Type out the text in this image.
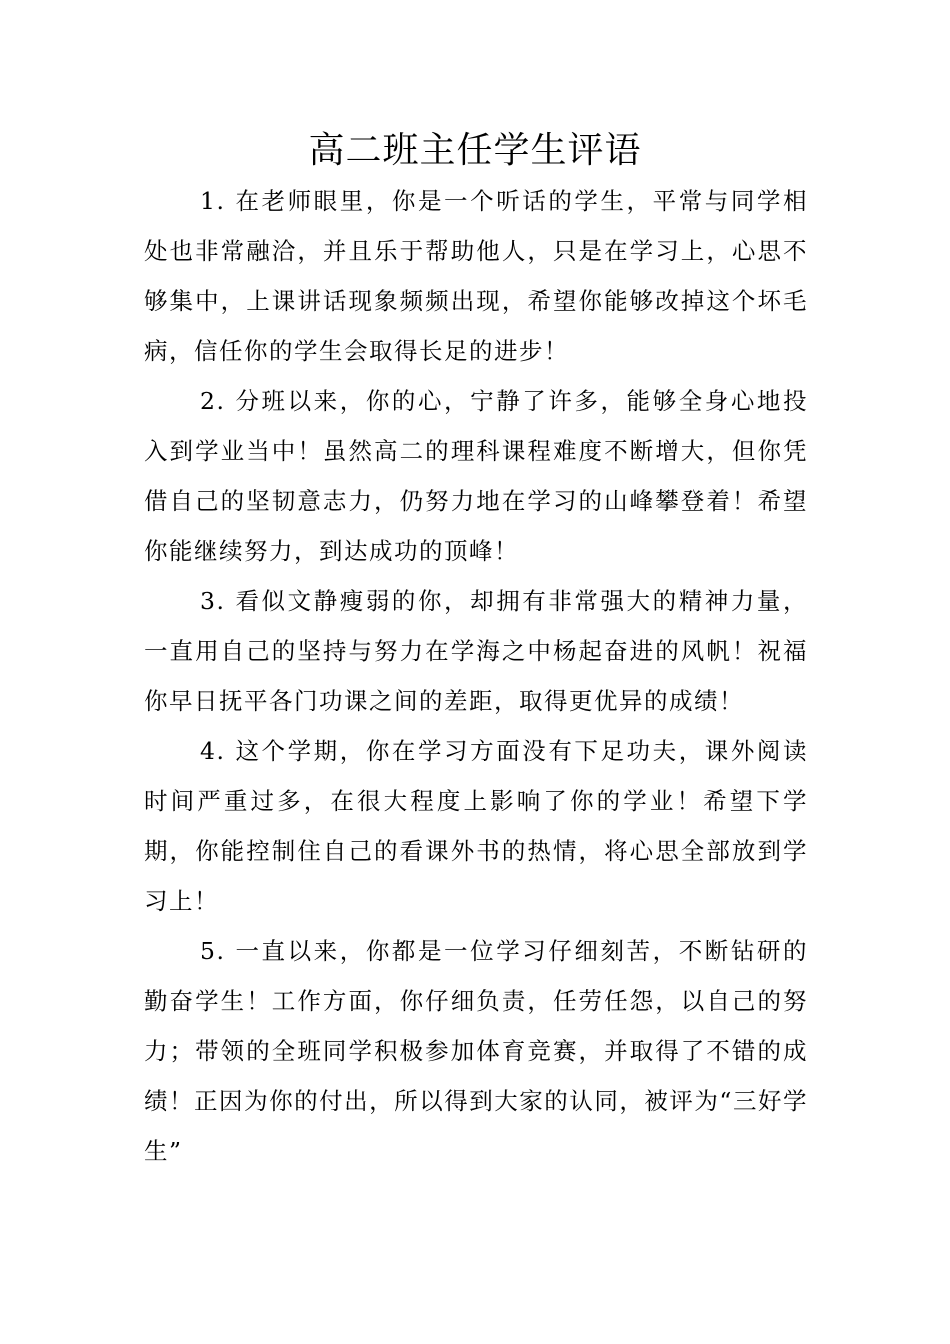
高二班主任学生评语

1. 在老师眼里，你是一个听话的学生，平常与同学相处也非常融洽，并且乐于帮助他人，只是在学习上，心思不够集中，上课讲话现象频频出现，希望你能够改掉这个坏毛病，信任你的学生会取得长足的进步！

2. 分班以来，你的心，宁静了许多，能够全身心地投入到学业当中！虽然高二的理科课程难度不断增大，但你凭借自己的坚韧意志力，仍努力地在学习的山峰攀登着！希望你能继续努力，到达成功的顶峰！

3. 看似文静瘦弱的你，却拥有非常强大的精神力量，一直用自己的坚持与努力在学海之中杨起奋进的风帆！祝福你早日抚平各门功课之间的差距，取得更优异的成绩！

4. 这个学期，你在学习方面没有下足功夫，课外阅读时间严重过多，在很大程度上影响了你的学业！希望下学期，你能控制住自己的看课外书的热情，将心思全部放到学习上！

5. 一直以来，你都是一位学习仔细刻苦，不断钻研的勤奋学生！工作方面，你仔细负责，任劳任怨，以自己的努力；带领的全班同学积极参加体育竞赛，并取得了不错的成绩！正因为你的付出，所以得到大家的认同，被评为“三好学生”
